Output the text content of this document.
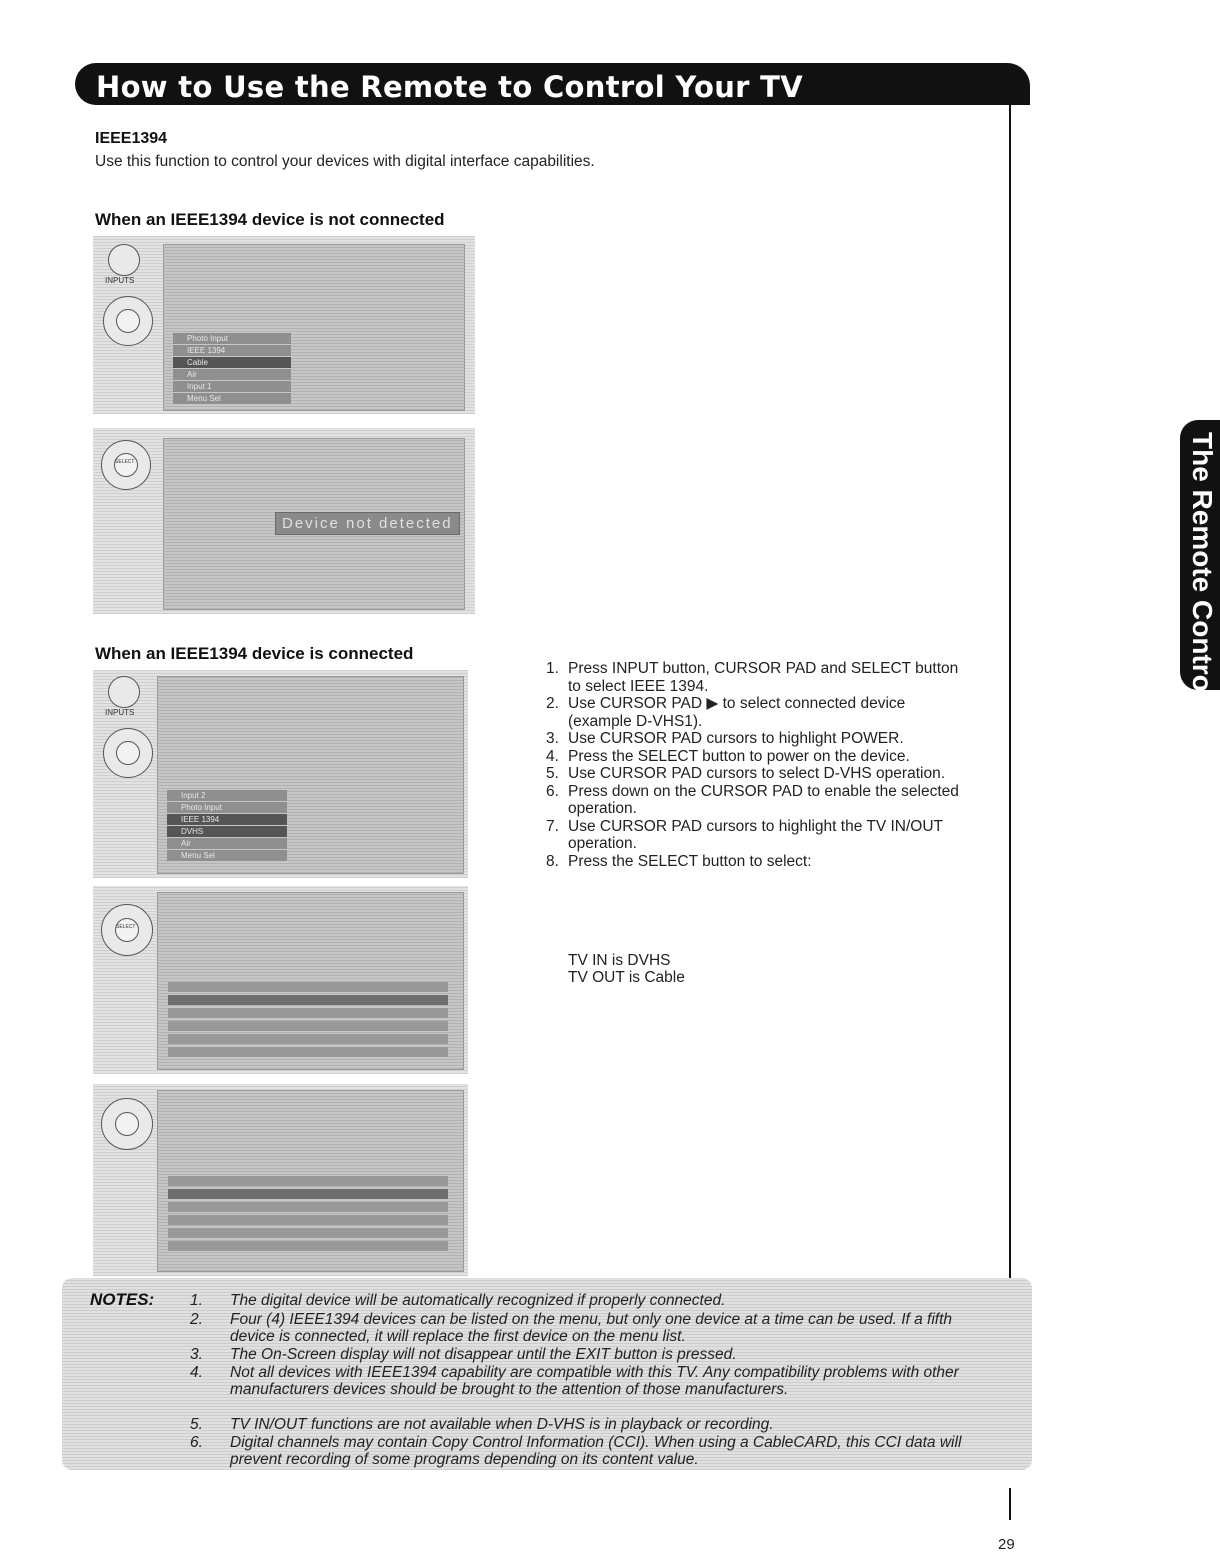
How to Use the Remote to Control Your TV
The Remote Control
IEEE1394
Use this function to control your devices with digital interface capabilities.
When an IEEE1394 device is not connected
INPUTS
Photo Input
IEEE 1394
Cable
Air
Input 1
Menu Sel
SELECT
Device not detected
When an IEEE1394 device is connected
INPUTS
Input 2
Photo Input
IEEE 1394
DVHS
Air
Menu Sel
SELECT
1. Press INPUT button, CURSOR PAD and SELECT button to select IEEE 1394.
2. Use CURSOR PAD ▶ to select connected device (example D-VHS1).
3. Use CURSOR PAD cursors to highlight POWER.
4. Press the SELECT button to power on the device.
5. Use CURSOR PAD cursors to select D-VHS operation.
6. Press down on the CURSOR PAD to enable the selected operation.
7. Use CURSOR PAD cursors to highlight the TV IN/OUT operation.
8. Press the SELECT button to select:
TV IN is DVHS
TV OUT is Cable
NOTES: 1. The digital device will be automatically recognized if properly connected.
2. Four (4) IEEE1394 devices can be listed on the menu, but only one device at a time can be used. If a fifth device is connected, it will replace the first device on the menu list.
3. The On-Screen display will not disappear until the EXIT button is pressed.
4. Not all devices with IEEE1394 capability are compatible with this TV. Any compatibility problems with other manufacturers devices should be brought to the attention of those manufacturers.
5. TV IN/OUT functions are not available when D-VHS is in playback or recording.
6. Digital channels may contain Copy Control Information (CCI). When using a CableCARD, this CCI data will prevent recording of some programs depending on its content value.
29
